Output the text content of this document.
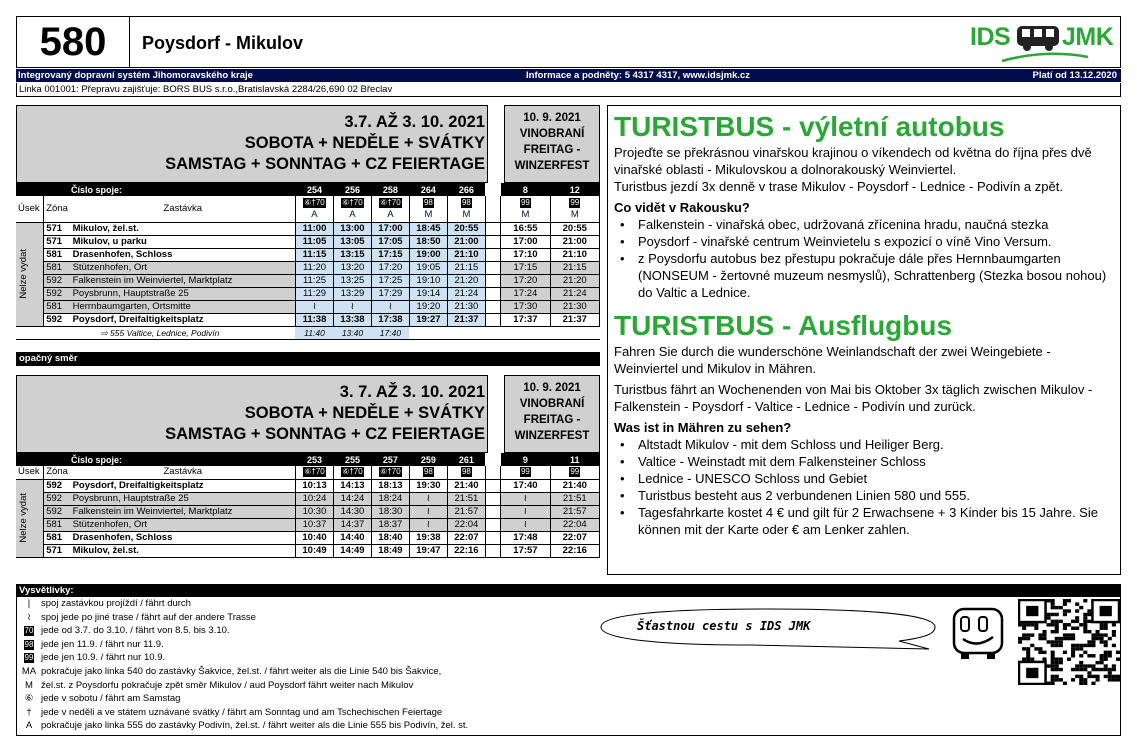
580	Poysdorf - Mikulov	IDS JMK
Integrovaný dopravní systém Jihomoravského kraje	Informace a podněty: 5 4317 4317, www.idsjmk.cz	Platí od 13.12.2020
Linka 001001: Přepravu zajišťuje: BORS BUS s.r.o.,Bratislavská 2284/26,690 02 Břeclav
3.7. AŽ 3. 10. 2021
SOBOTA + NEDĚLE + SVÁTKY
SAMSTAG + SONNTAG + CZ FEIERTAGE
10. 9. 2021
VINOBRANÍ
FREITAG -
WINZERFEST
Číslo spoje:			254	256	258	264	266		8	12
Úsek	Zóna	Zastávka	⑥†70	⑥†70	⑥†70	98	98		99	99
			A	A	A	M	M		M	M

Nelze vydat	571	Mikulov, žel.st.	11:00	13:00	17:00	18:45	20:55		16:55	20:55
	571	Mikulov, u parku	11:05	13:05	17:05	18:50	21:00		17:00	21:00
	581	Drasenhofen, Schloss	11:15	13:15	17:15	19:00	21:10		17:10	21:10
	581	Stützenhofen, Ort	11:20	13:20	17:20	19:05	21:15		17:15	21:15
	592	Falkenstein im Weinviertel, Marktplatz	11:25	13:25	17:25	19:10	21:20		17:20	21:20
	592	Poysbrunn, Hauptstraße 25	11:29	13:29	17:29	19:14	21:24		17:24	21:24
	581	Herrnbaumgarten, Ortsmitte	≀	≀	≀	19:20	21:30		17:30	21:30
	592	Poysdorf, Dreifaltigkeitsplatz	11:38	13:38	17:38	19:27	21:37		17:37	21:37
		⇨ 555 Valtice, Lednice, Podivín	11:40	13:40	17:40					
opačný směr
3. 7. AŽ 3. 10. 2021
SOBOTA + NEDĚLE + SVÁTKY
SAMSTAG + SONNTAG + CZ FEIERTAGE
10. 9. 2021
VINOBRANÍ
FREITAG -
WINZERFEST
Číslo spoje:			253	255	257	259	261		9	11
Úsek	Zóna	Zastávka	⑥†70	⑥†70	⑥†70	98	98		99	99

Nelze vydat	592	Poysdorf, Dreifaltigkeitsplatz	10:13	14:13	18:13	19:30	21:40		17:40	21:40
	592	Poysbrunn, Hauptstraße 25	10:24	14:24	18:24	≀	21:51		≀	21:51
	592	Falkenstein im Weinviertel, Marktplatz	10:30	14:30	18:30	≀	21:57		≀	21:57
	581	Stützenhofen, Ort	10:37	14:37	18:37	≀	22:04		≀	22:04
	581	Drasenhofen, Schloss	10:40	14:40	18:40	19:38	22:07		17:48	22:07
	571	Mikulov, žel.st.	10:49	14:49	18:49	19:47	22:16		17:57	22:16
TURISTBUS - výletní autobus
Projeďte se překrásnou vinařskou krajinou o víkendech od května do října přes dvě vinařské oblasti - Mikulovskou a dolnorakouský Weinviertel.
Turistbus jezdí 3x denně v trase Mikulov - Poysdorf - Lednice - Podivín a zpět.
Co vidět v Rakousku?
• Falkenstein - vinařská obec, udržovaná zřícenina hradu, naučná stezka
• Poysdorf - vinařské centrum Weinvietelu s expozicí o víně Vino Versum.
• z Poysdorfu autobus bez přestupu pokračuje dále přes Hernnbaumgarten (NONSEUM - žertovné muzeum nesmyslů), Schrattenberg (Stezka bosou nohou) do Valtic a Lednice.
TURISTBUS - Ausflugbus
Fahren Sie durch die wunderschöne Weinlandschaft der zwei Weingebiete - Weinviertel und Mikulov in Mähren.
Turistbus fährt an Wochenenden von Mai bis Oktober 3x täglich zwischen Mikulov - Falkenstein - Poysdorf - Valtice - Lednice - Podivín und zurück.
Was ist in Mähren zu sehen?
• Altstadt Mikulov - mit dem Schloss und Heiliger Berg.
• Valtice - Weinstadt mit dem Falkensteiner Schloss
• Lednice - UNESCO Schloss und Gebiet
• Turistbus besteht aus 2 verbundenen Linien 580 und 555.
• Tagesfahrkarte kostet 4 € und gilt für 2 Erwachsene + 3 Kinder bis 15 Jahre. Sie können mit der Karte oder € am Lenker zahlen.
Vysvětlivky:
| spoj zastávkou projíždí / fährt durch
≀ spoj jede po jiné trase / fährt auf der andere Trasse
70 jede od 3.7. do 3.10. / fährt von 8.5. bis 3.10.
98 jede jen 11.9. / fährt nur 11.9.
99 jede jen 10.9. / fährt nur 10.9.
MA pokračuje jako linka 540 do zastávky Šakvice, žel.st. / fährt weiter als die Linie 540 bis Šakvice,
M žel.st. z Poysdorfu pokračuje zpět směr Mikulov / aud Poysdorf fährt weiter nach Mikulov
⑥ jede v sobotu / fährt am Samstag
† jede v neděli a ve státem uznávané svátky / fährt am Sonntag und am Tschechischen Feiertage
A pokračuje jako linka 555 do zastávky Podivín, žel.st. / fährt weiter als die Linie 555 bis Podivín, žel. st.
Šťastnou cestu s IDS JMK
